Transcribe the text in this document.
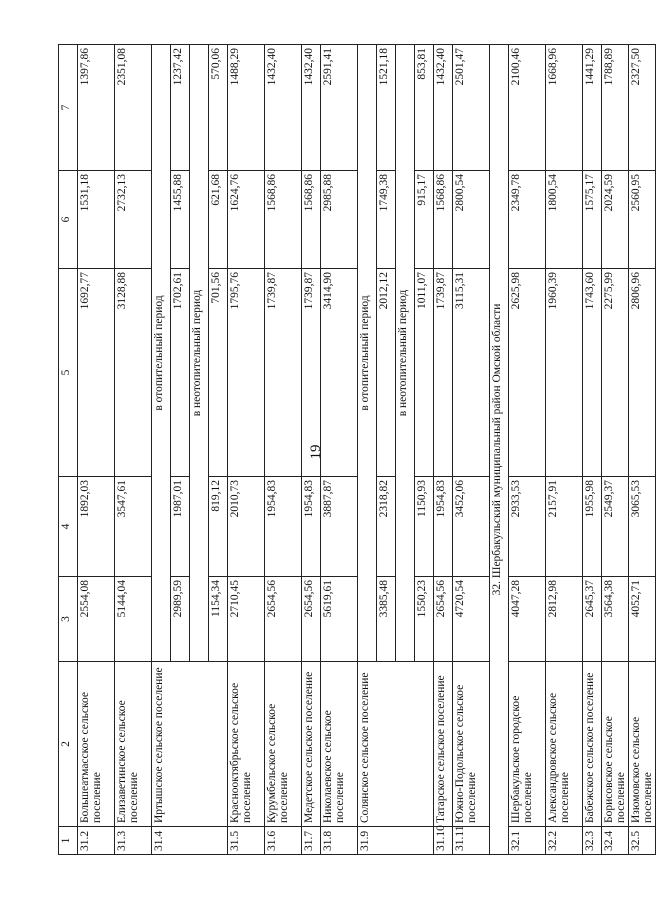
19
1	2	3	4	5	6	7
31.2	Большеатмасское сельское поселение	2554,08	1892,03	1692,77	1531,18	1397,86
31.3	Елизаветинское сельское поселение	5144,04	3547,61	3128,88	2732,13	2351,08
31.4	Иртышское сельское поселение	в отопительный период				
		2989,59	1987,01	1702,61	1455,88	1237,42
		в неотопительный период				
		1154,34	819,12	701,56	621,68	570,06
31.5	Краснооктябрьское сельское поселение	2710,45	2010,73	1795,76	1624,76	1488,29
31.6	Курумбельское сельское поселение	2654,56	1954,83	1739,87	1568,86	1432,40
31.7	Медетское сельское поселение	2654,56	1954,83	1739,87	1568,86	1432,40
31.8	Николаевское сельское поселение	5619,61	3887,87	3414,90	2985,88	2591,41
31.9	Солянское сельское поселение	в отопительный период				
		3385,48	2318,82	2012,12	1749,38	1521,18
		в неотопительный период				
		1550,23	1150,93	1011,07	915,17	853,81
31.10	Татарское сельское поселение	2654,56	1954,83	1739,87	1568,86	1432,40
31.11	Южно-Подольское сельское поселение	4720,54	3452,06	3115,31	2800,54	2501,47
32. Шербакульский муниципальный район Омской области						
32.1	Шербакульское городское поселение	4047,28	2933,53	2625,98	2349,78	2100,46
32.2	Александровское сельское поселение	2812,98	2157,91	1960,39	1800,54	1668,96
32.3	Бабежское сельское поселение	2645,37	1955,98	1743,60	1575,17	1441,29
32.4	Борисовское сельское поселение	3564,38	2549,37	2275,99	2024,59	1788,89
32.5	Изюмовское сельское поселение	4052,71	3065,53	2806,96	2560,95	2327,50
